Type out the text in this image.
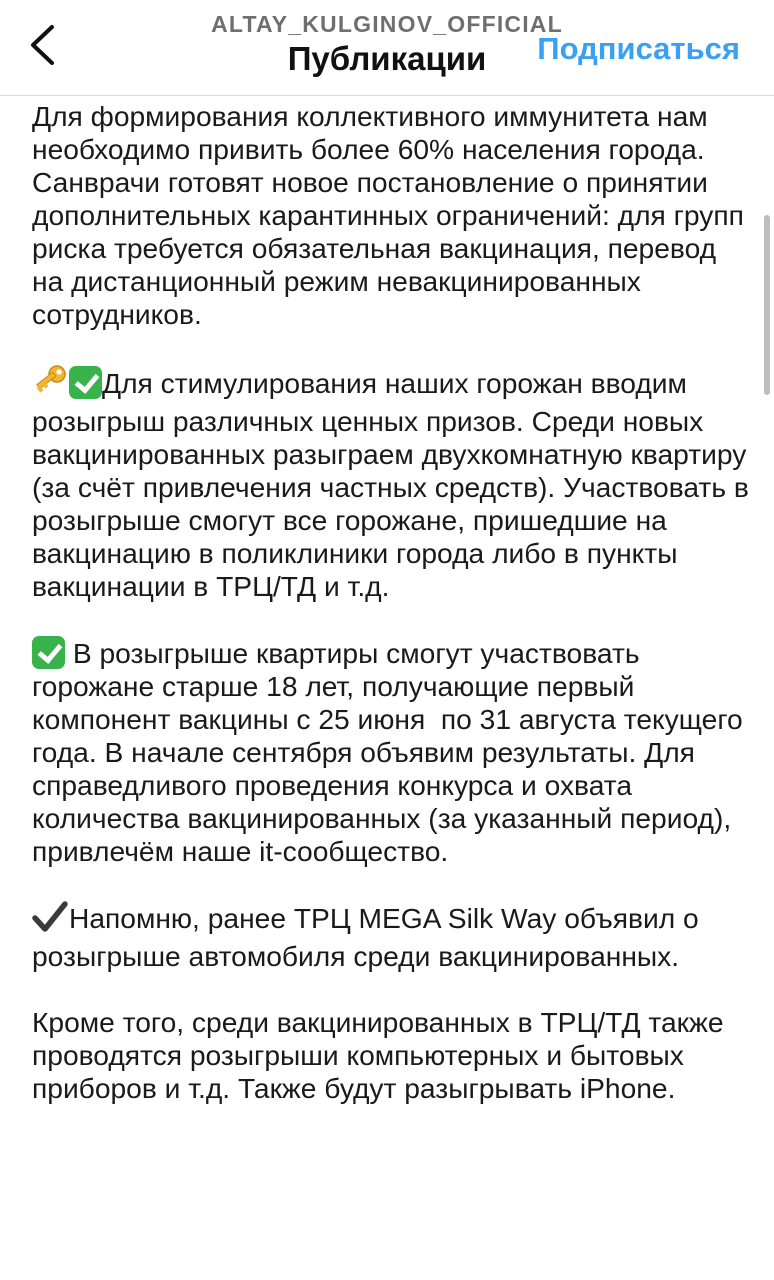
ALTAY_KULGINOV_OFFICIAL
Публикации	Подписаться

Для формирования коллективного иммунитета нам необходимо привить более 60% населения города. Санврачи готовят новое постановление о принятии дополнительных карантинных ограничений: для групп риска требуется обязательная вакцинация, перевод на дистанционный режим невакцинированных сотрудников.

Для стимулирования наших горожан вводим розыгрыш различных ценных призов. Среди новых вакцинированных разыграем двухкомнатную квартиру (за счёт привлечения частных средств). Участвовать в розыгрыше смогут все горожане, пришедшие на вакцинацию в поликлиники города либо в пункты вакцинации в ТРЦ/ТД и т.д.

В розыгрыше квартиры смогут участвовать горожане старше 18 лет, получающие первый компонент вакцины с 25 июня  по 31 августа текущего года. В начале сентября объявим результаты. Для справедливого проведения конкурса и охвата количества вакцинированных (за указанный период), привлечём наше it-сообщество.

Напомню, ранее ТРЦ MEGA Silk Way объявил о розыгрыше автомобиля среди вакцинированных.

Кроме того, среди вакцинированных в ТРЦ/ТД также проводятся розыгрыши компьютерных и бытовых приборов и т.д. Также будут разыгрывать iPhone.
